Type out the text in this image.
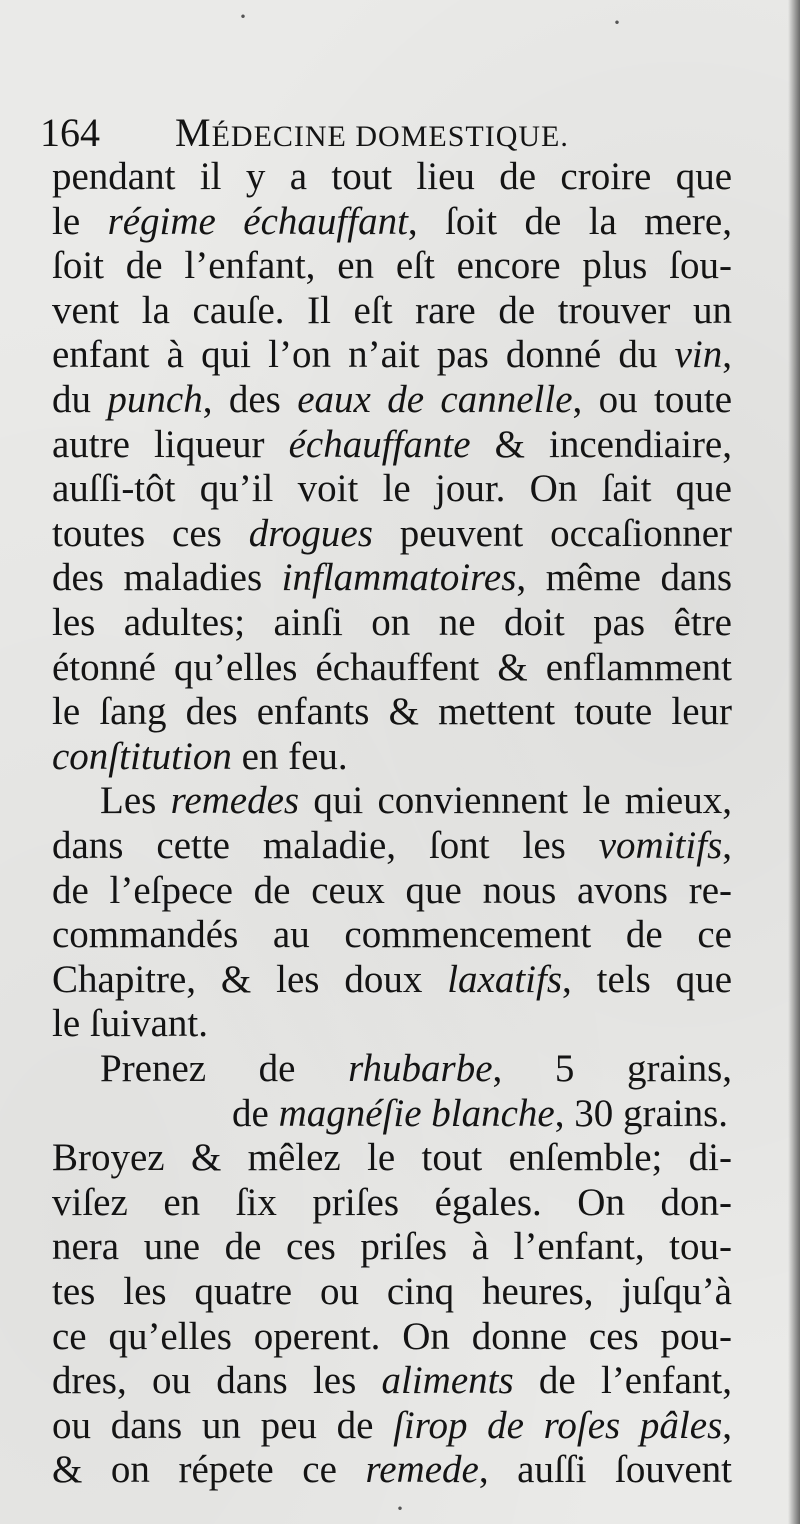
·	·
·
164 MÉDECINE DOMESTIQUE.
pendant il y a tout lieu de croire que
le régime échauffant, ſoit de la mere,
ſoit de l’enfant, en eſt encore plus ſou-
vent la cauſe. Il eſt rare de trouver un
enfant à qui l’on n’ait pas donné du vin,
du punch, des eaux de cannelle, ou toute
autre liqueur échauffante & incendiaire,
auſſi-tôt qu’il voit le jour. On ſait que
toutes ces drogues peuvent occaſionner
des maladies inflammatoires, même dans
les adultes; ainſi on ne doit pas être
étonné qu’elles échauffent & enflamment
le ſang des enfants & mettent toute leur
conſtitution en feu.
Les remedes qui conviennent le mieux,
dans cette maladie, ſont les vomitifs,
de l’eſpece de ceux que nous avons re-
commandés au commencement de ce
Chapitre, & les doux laxatifs, tels que
le ſuivant.
Prenez de rhubarbe, 5 grains,
de magnéſie blanche, 30 grains.
Broyez & mêlez le tout enſemble; di-
viſez en ſix priſes égales. On don-
nera une de ces priſes à l’enfant, tou-
tes les quatre ou cinq heures, juſqu’à
ce qu’elles operent. On donne ces pou-
dres, ou dans les aliments de l’enfant,
ou dans un peu de ſirop de roſes pâles,
& on répete ce remede, auſſi ſouvent
